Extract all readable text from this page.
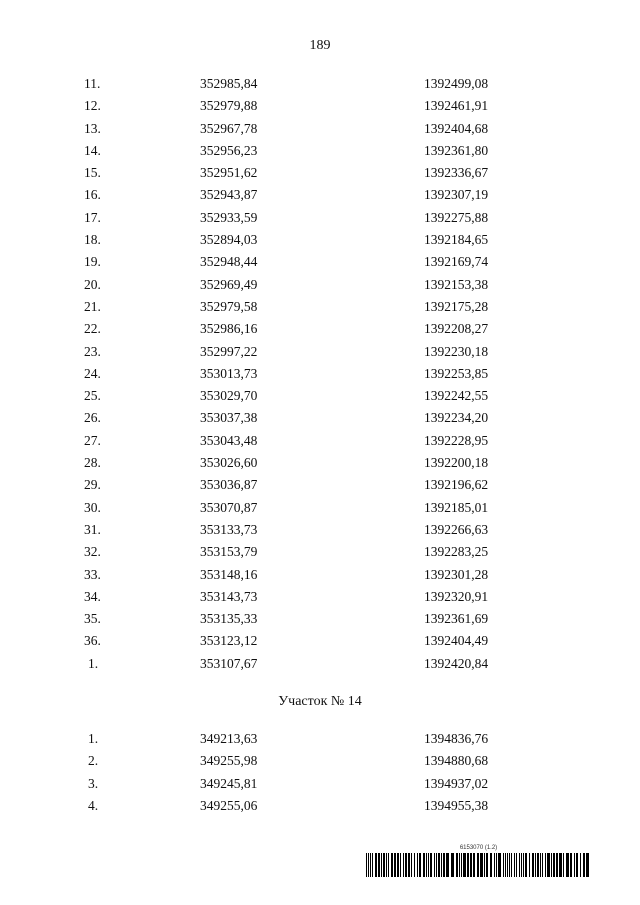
189
11.	352985,84	1392499,08
12.	352979,88	1392461,91
13.	352967,78	1392404,68
14.	352956,23	1392361,80
15.	352951,62	1392336,67
16.	352943,87	1392307,19
17.	352933,59	1392275,88
18.	352894,03	1392184,65
19.	352948,44	1392169,74
20.	352969,49	1392153,38
21.	352979,58	1392175,28
22.	352986,16	1392208,27
23.	352997,22	1392230,18
24.	353013,73	1392253,85
25.	353029,70	1392242,55
26.	353037,38	1392234,20
27.	353043,48	1392228,95
28.	353026,60	1392200,18
29.	353036,87	1392196,62
30.	353070,87	1392185,01
31.	353133,73	1392266,63
32.	353153,79	1392283,25
33.	353148,16	1392301,28
34.	353143,73	1392320,91
35.	353135,33	1392361,69
36.	353123,12	1392404,49
1.	353107,67	1392420,84
Участок № 14
1.	349213,63	1394836,76
2.	349255,98	1394880,68
3.	349245,81	1394937,02
4.	349255,06	1394955,38
6153070 (1.2)
